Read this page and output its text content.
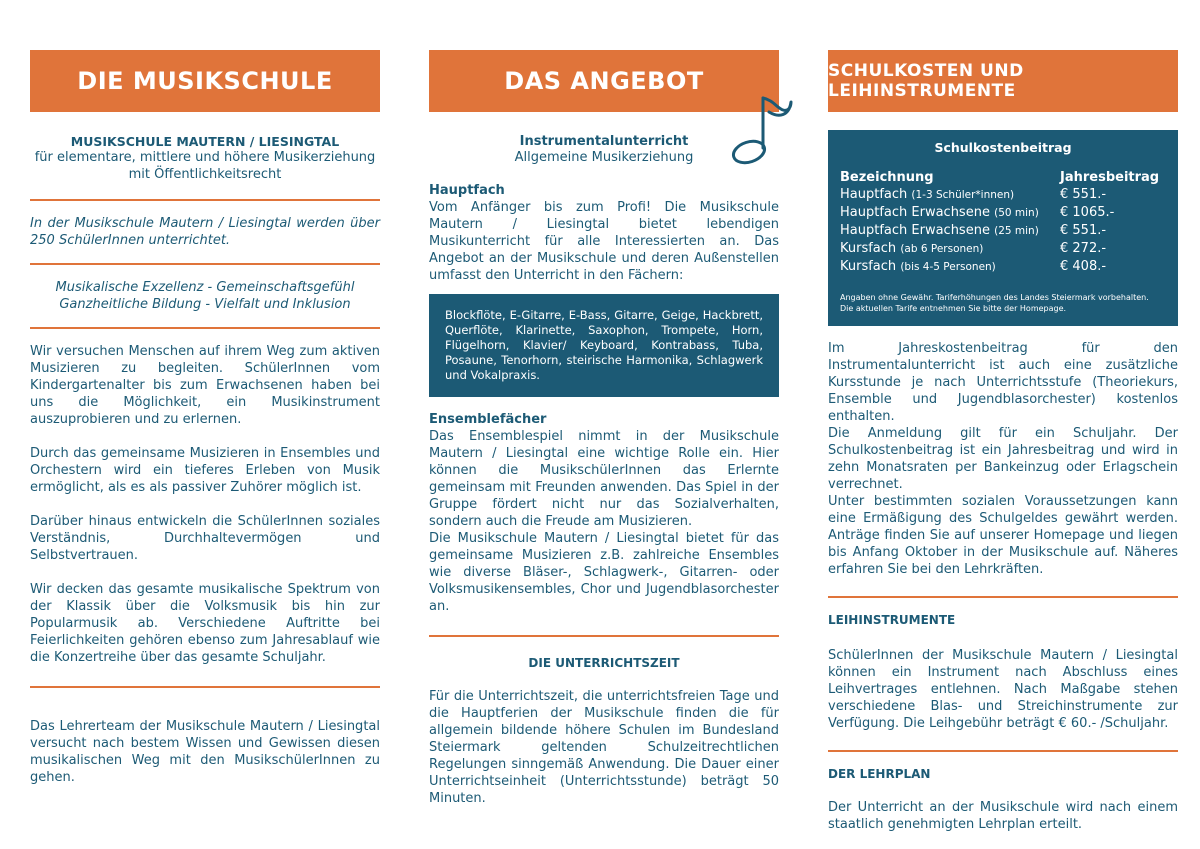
DIE MUSIKSCHULE
MUSIKSCHULE MAUTERN / LIESINGTAL
für elementare, mittlere und höhere Musikerziehung mit Öffentlichkeitsrecht
In der Musikschule Mautern / Liesingtal werden über 250 SchülerInnen unterrichtet.
Musikalische Exzellenz - Gemeinschaftsgefühl
Ganzheitliche Bildung - Vielfalt und Inklusion

Wir versuchen Menschen auf ihrem Weg zum aktiven Musizieren zu begleiten. SchülerInnen vom Kindergartenalter bis zum Erwachsenen haben bei uns die Möglichkeit, ein Musikinstrument auszuprobieren und zu erlernen.

Durch das gemeinsame Musizieren in Ensembles und Orchestern wird ein tieferes Erleben von Musik ermöglicht, als es als passiver Zuhörer möglich ist.

Darüber hinaus entwickeln die SchülerInnen soziales Verständnis, Durchhaltevermögen und Selbstvertrauen.

Wir decken das gesamte musikalische Spektrum von der Klassik über die Volksmusik bis hin zur Popularmusik ab. Verschiedene Auftritte bei Feierlichkeiten gehören ebenso zum Jahresablauf wie die Konzertreihe über das gesamte Schuljahr.

Das Lehrerteam der Musikschule Mautern / Liesingtal versucht nach bestem Wissen und Gewissen diesen musikalischen Weg mit den MusikschülerInnen zu gehen.
DAS ANGEBOT
Instrumentalunterricht
Allgemeine Musikerziehung
Hauptfach
Vom Anfänger bis zum Profi! Die Musikschule Mautern / Liesingtal bietet lebendigen Musikunterricht für alle Interessierten an. Das Angebot an der Musikschule und deren Außenstellen umfasst den Unterricht in den Fächern:
Blockflöte, E-Gitarre, E-Bass, Gitarre, Geige, Hackbrett, Querflöte, Klarinette, Saxophon, Trompete, Horn, Flügelhorn, Klavier/ Keyboard, Kontrabass, Tuba, Posaune, Tenorhorn, steirische Harmonika, Schlagwerk und Vokalpraxis.
Ensemblefächer
Das Ensemblespiel nimmt in der Musikschule Mautern / Liesingtal eine wichtige Rolle ein. Hier können die MusikschülerInnen das Erlernte gemeinsam mit Freunden anwenden. Das Spiel in der Gruppe fördert nicht nur das Sozialverhalten, sondern auch die Freude am Musizieren.
Die Musikschule Mautern / Liesingtal bietet für das gemeinsame Musizieren z.B. zahlreiche Ensembles wie diverse Bläser-, Schlagwerk-, Gitarren- oder Volksmusikensembles, Chor und Jugendblasorchester an.
DIE UNTERRICHTSZEIT
Für die Unterrichtszeit, die unterrichtsfreien Tage und die Hauptferien der Musikschule finden die für allgemein bildende höhere Schulen im Bundesland Steiermark geltenden Schulzeitrechtlichen Regelungen sinngemäß Anwendung. Die Dauer einer Unterrichtseinheit (Unterrichtsstunde) beträgt 50 Minuten.
SCHULKOSTEN UND LEIHINSTRUMENTE
Schulkostenbeitrag
Bezeichnung	Jahresbeitrag
Hauptfach (1-3 Schüler*innen)	€ 551.-
Hauptfach Erwachsene (50 min)	€ 1065.-
Hauptfach Erwachsene (25 min)	€ 551.-
Kursfach (ab 6 Personen)	€ 272.-
Kursfach (bis 4-5 Personen)	€ 408.-
Angaben ohne Gewähr. Tariferhöhungen des Landes Steiermark vorbehalten.
Die aktuellen Tarife entnehmen Sie bitte der Homepage.
Im Jahreskostenbeitrag für den Instrumentalunterricht ist auch eine zusätzliche Kursstunde je nach Unterrichtsstufe (Theoriekurs, Ensemble und Jugendblasorchester) kostenlos enthalten.
Die Anmeldung gilt für ein Schuljahr. Der Schulkostenbeitrag ist ein Jahresbeitrag und wird in zehn Monatsraten per Bankeinzug oder Erlagschein verrechnet.
Unter bestimmten sozialen Voraussetzungen kann eine Ermäßigung des Schulgeldes gewährt werden. Anträge finden Sie auf unserer Homepage und liegen bis Anfang Oktober in der Musikschule auf. Näheres erfahren Sie bei den Lehrkräften.
LEIHINSTRUMENTE
SchülerInnen der Musikschule Mautern / Liesingtal können ein Instrument nach Abschluss eines Leihvertrages entlehnen. Nach Maßgabe stehen verschiedene Blas- und Streichinstrumente zur Verfügung. Die Leihgebühr beträgt € 60.- /Schuljahr.
DER LEHRPLAN
Der Unterricht an der Musikschule wird nach einem staatlich genehmigten Lehrplan erteilt.
